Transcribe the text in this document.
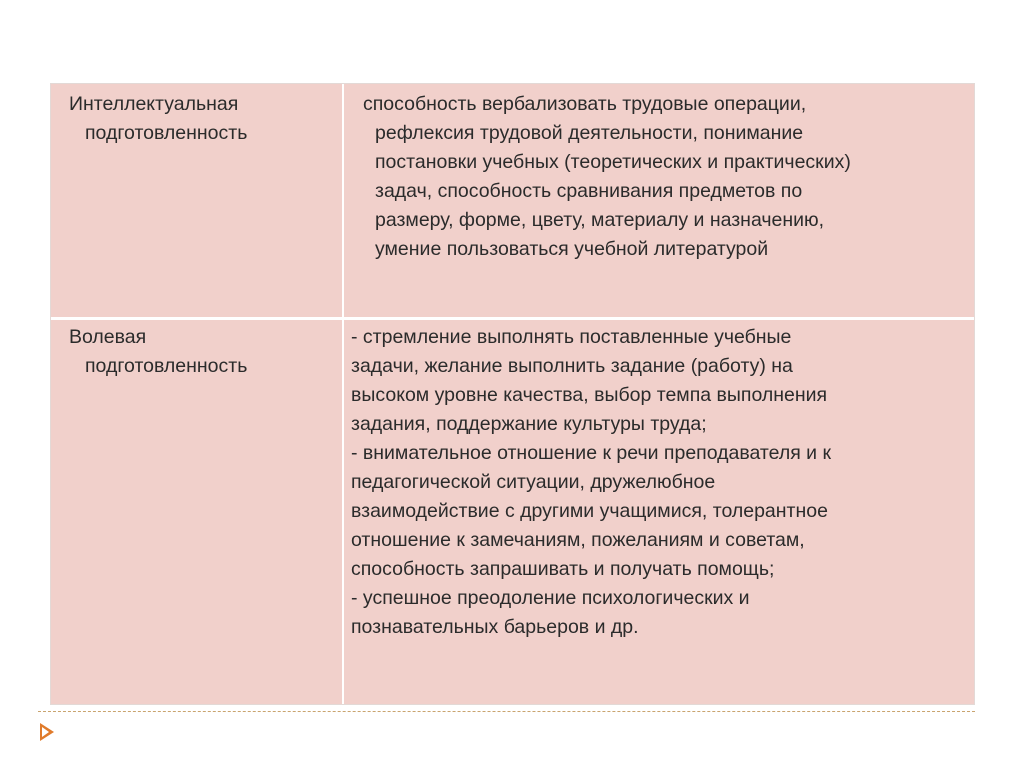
Интеллектуальная
подготовленность
способность вербализовать трудовые операции,
рефлексия трудовой деятельности, понимание
постановки учебных (теоретических и практических)
задач, способность сравнивания предметов по
размеру, форме, цвету, материалу и назначению,
умение пользоваться учебной литературой
Волевая
подготовленность
- стремление выполнять поставленные учебные
задачи, желание выполнить задание (работу) на
высоком уровне качества, выбор темпа выполнения
задания, поддержание культуры труда;
- внимательное отношение к речи преподавателя и к
педагогической ситуации, дружелюбное
взаимодействие с другими учащимися, толерантное
отношение к замечаниям, пожеланиям и советам,
способность запрашивать и получать помощь;
- успешное преодоление психологических и
познавательных барьеров и др.
